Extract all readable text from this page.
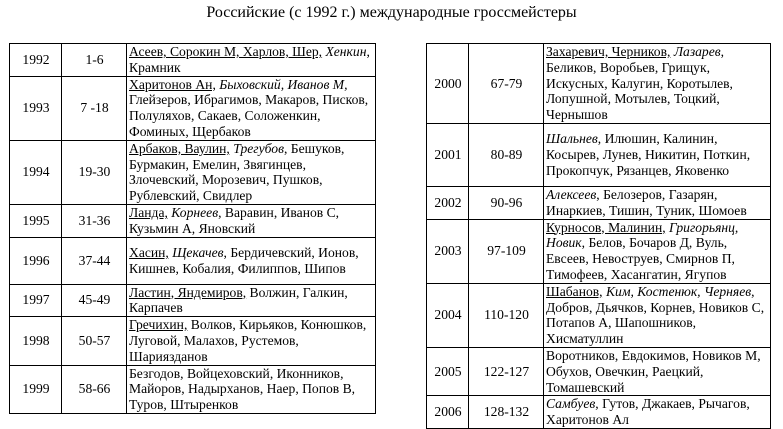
Российские (с 1992 г.) международные гроссмейстеры
1992	1-6	Асеев, Сорокин М, Харлов, Шер, Хенкин, Крамник
1993	7 -18	Харитонов Ан, Быховский, Иванов М, Глейзеров, Ибрагимов, Макаров, Писков, Полуляхов, Сакаев, Соложенкин, Фоминых, Щербаков
1994	19-30	Арбаков, Ваулин, Трегубов, Бешуков, Бурмакин, Емелин, Звягинцев, Злочевский, Морозевич, Пушков, Рублевский, Свидлер
1995	31-36	Ланда, Корнеев, Варавин, Иванов С, Кузьмин А, Яновский
1996	37-44	Хасин, Щекачев, Бердичевский, Ионов, Кишнев, Кобалия, Филиппов, Шипов
1997	45-49	Ластин, Яндемиров, Волжин, Галкин, Карпачев
1998	50-57	Гречихин, Волков, Кирьяков, Конюшков, Луговой, Малахов, Рустемов, Шариязданов
1999	58-66	Безгодов, Войцеховский, Иконников, Майоров, Надырханов, Наер, Попов В, Туров, Штыренков
2000	67-79	Захаревич, Черников, Лазарев, Беликов, Воробьев, Грищук, Искусных, Калугин, Коротылев, Лопушной, Мотылев, Тоцкий, Чернышов
2001	80-89	Шальнев, Илюшин, Калинин, Косырев, Лунев, Никитин, Поткин, Прокопчук, Рязанцев, Яковенко
2002	90-96	Алексеев, Белозеров, Газарян, Инаркиев, Тишин, Туник, Шомоев
2003	97-109	Курносов, Малинин, Григорьянц, Новик, Белов, Бочаров Д, Вуль, Евсеев, Невоструев, Смирнов П, Тимофеев, Хасангатин, Ягупов
2004	110-120	Шабанов, Ким, Костенюк, Черняев, Добров, Дьячков, Корнев, Новиков С, Потапов А, Шапошников, Хисматуллин
2005	122-127	Воротников, Евдокимов, Новиков М, Обухов, Овечкин, Раецкий, Томашевский
2006	128-132	Самбуев, Гутов, Джакаев, Рычагов, Харитонов Ал
